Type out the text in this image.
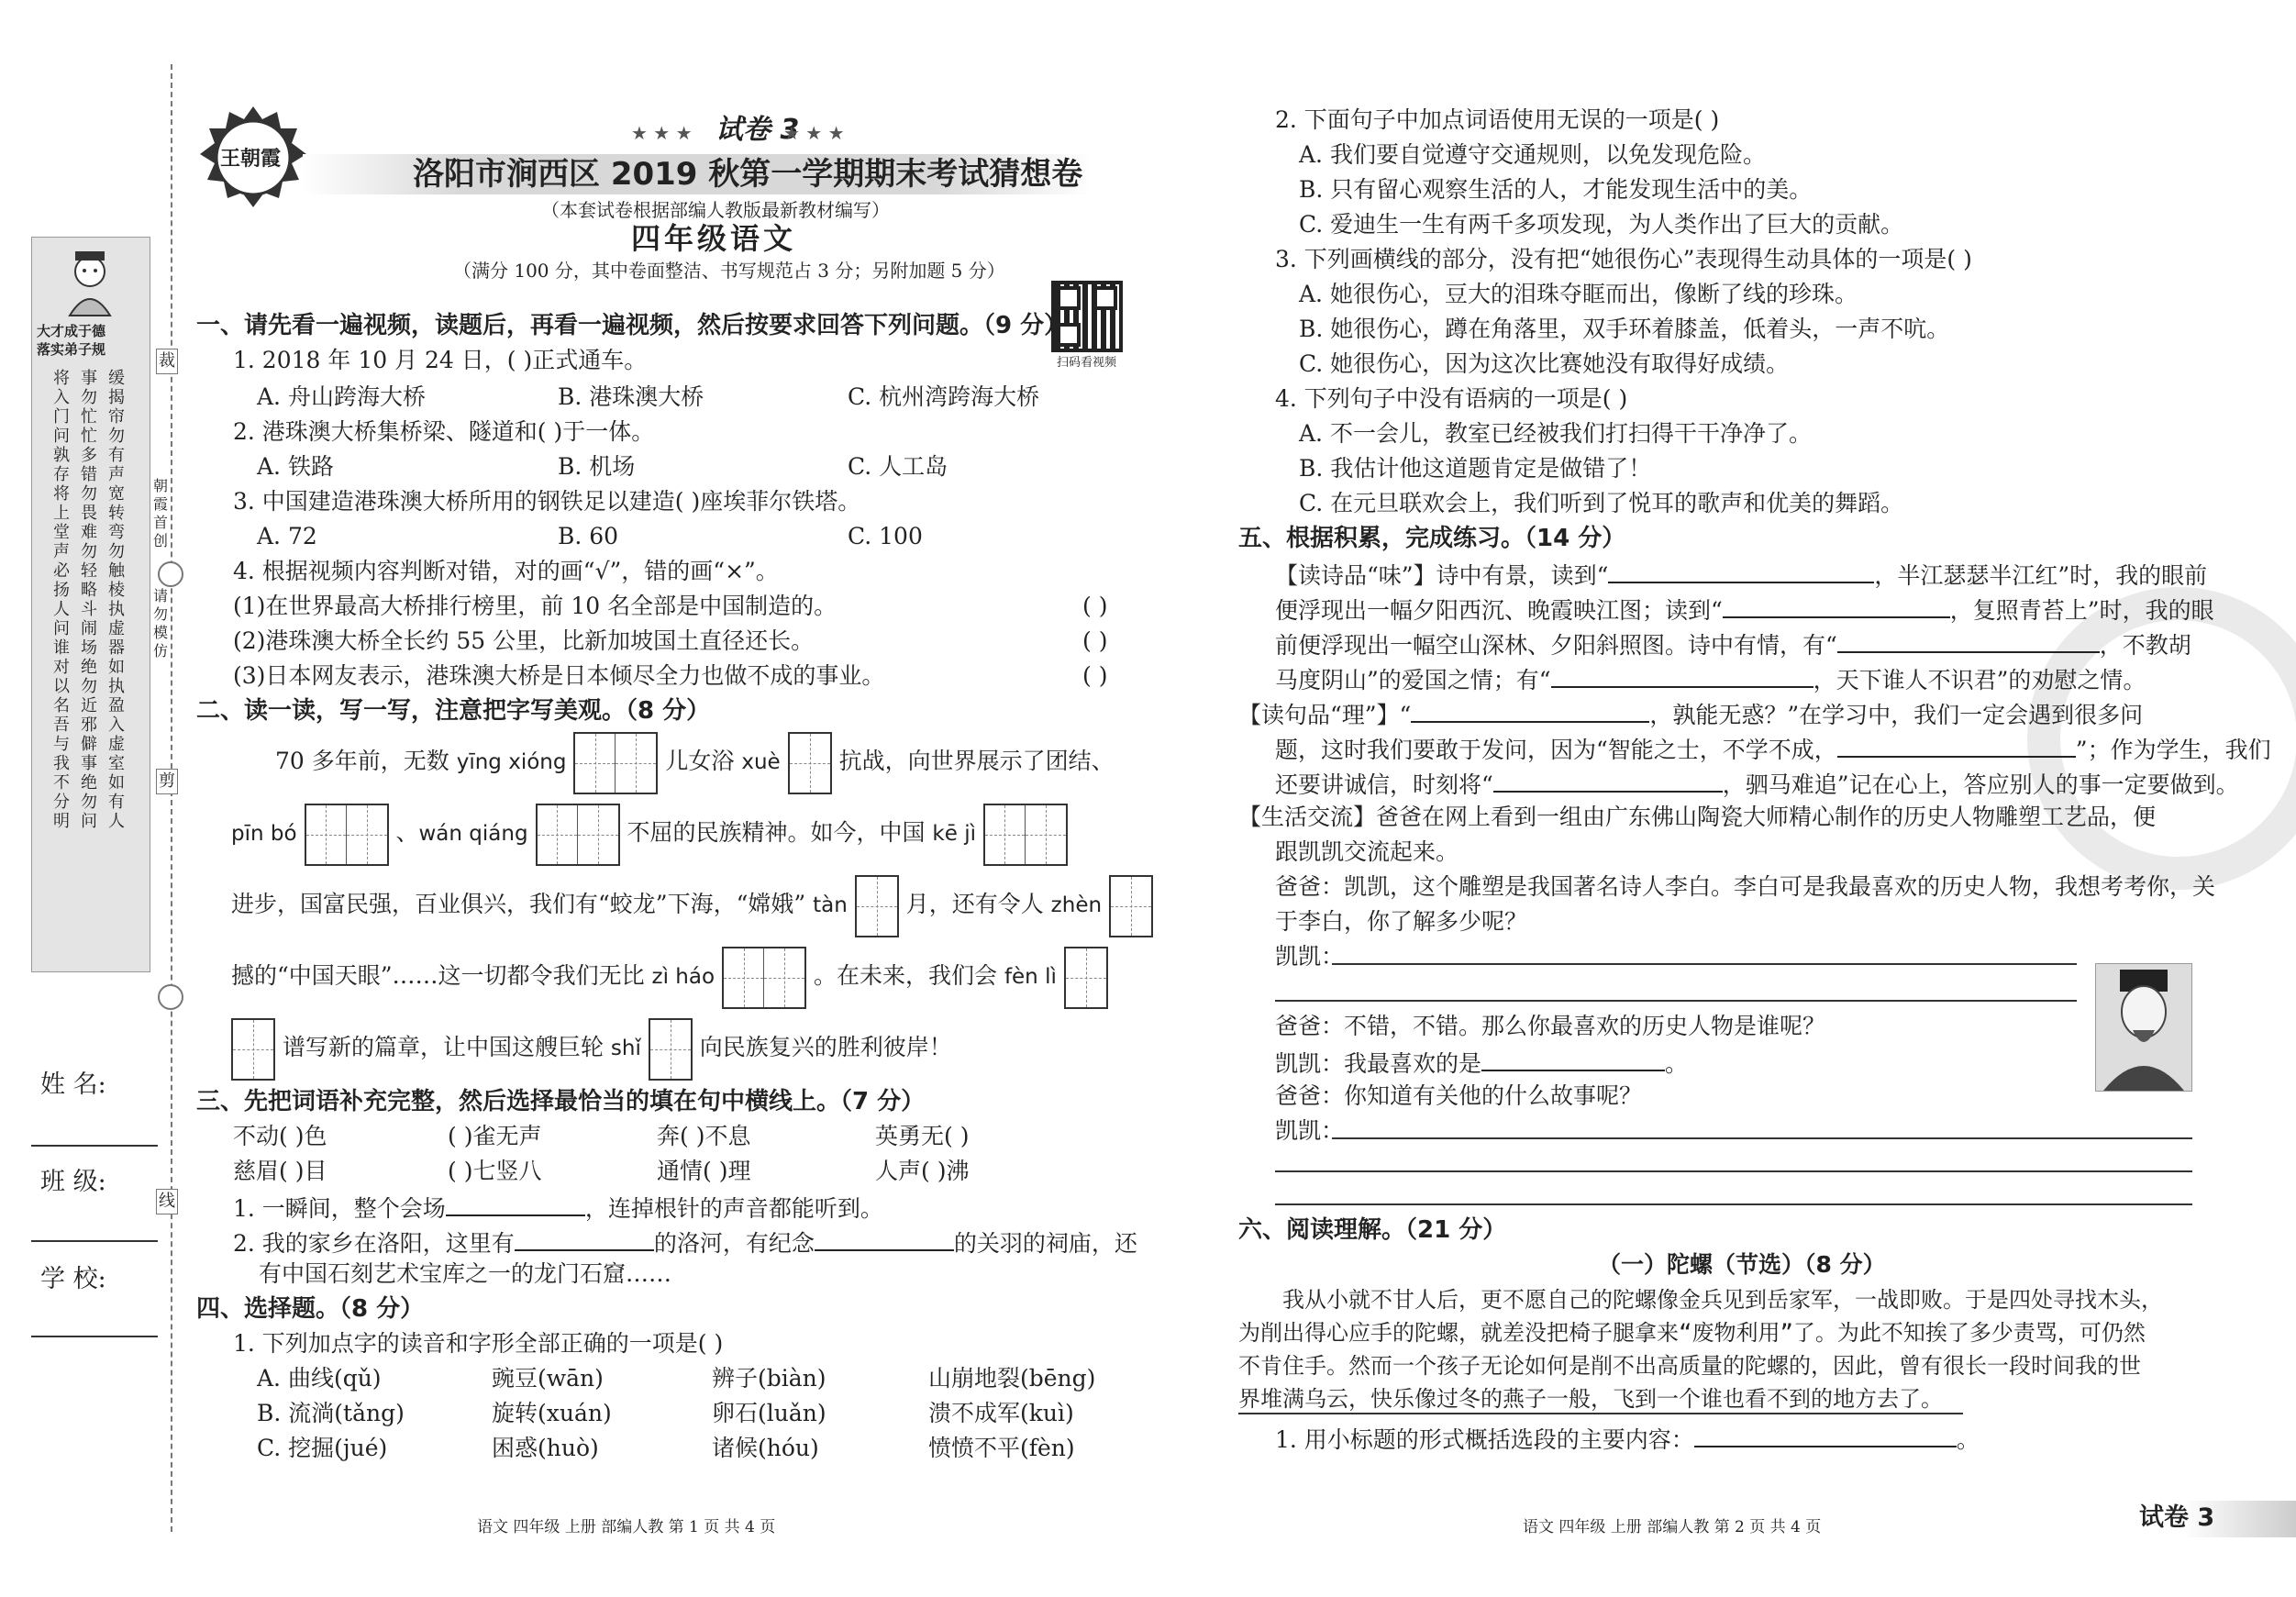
裁
剪
线
朝霞首创
请勿模仿
大才成于德
落实弟子规
将入门问孰存将上堂声必扬人问谁对以名吾与我不分明
事勿忙忙多错勿畏难勿轻略斗闹场绝勿近邪僻事绝勿问
缓揭帘勿有声宽转弯勿触棱执虚器如执盈入虚室如有人
姓 名:
班 级:
学 校:
王朝霞
试卷 3
★ ★ ★	★ ★ ★
洛阳市涧西区 2019 秋第一学期期末考试猜想卷
（本套试卷根据部编人教版最新教材编写）
四年级语文
（满分 100 分，其中卷面整洁、书写规范占 3 分；另附加题 5 分）
扫码看视频
一、请先看一遍视频，读题后，再看一遍视频，然后按要求回答下列问题。（9 分）
1. 2018 年 10 月 24 日，( )正式通车。
A. 舟山跨海大桥	B. 港珠澳大桥	C. 杭州湾跨海大桥
2. 港珠澳大桥集桥梁、隧道和( )于一体。
A. 铁路	B. 机场	C. 人工岛
3. 中国建造港珠澳大桥所用的钢铁足以建造( )座埃菲尔铁塔。
A. 72	B. 60	C. 100
4. 根据视频内容判断对错，对的画“√”，错的画“×”。
(1)在世界最高大桥排行榜里，前 10 名全部是中国制造的。	( )
(2)港珠澳大桥全长约 55 公里，比新加坡国土直径还长。	( )
(3)日本网友表示，港珠澳大桥是日本倾尽全力也做不成的事业。	( )
二、读一读，写一写，注意把字写美观。（8 分）
70 多年前，无数 yīng xióng	儿女浴 xuè	抗战，向世界展示了团结、
pīn bó	、wán qiáng	不屈的民族精神。如今，中国 kē jì
进步，国富民强，百业俱兴，我们有“蛟龙”下海，“嫦娥” tàn	月，还有令人 zhèn
撼的“中国天眼”……这一切都令我们无比 zì háo	。在未来，我们会 fèn lì
谱写新的篇章，让中国这艘巨轮 shǐ	向民族复兴的胜利彼岸！
三、先把词语补充完整，然后选择最恰当的填在句中横线上。（7 分）
不动( )色	( )雀无声	奔( )不息	英勇无( )
慈眉( )目	( )七竖八	通情( )理	人声( )沸
1. 一瞬间，整个会场	，连掉根针的声音都能听到。
2. 我的家乡在洛阳，这里有	的洛河，有纪念	的关羽的祠庙，还
有中国石刻艺术宝库之一的龙门石窟……
四、选择题。（8 分）
1. 下列加点字的读音和字形全部正确的一项是( )
A. 曲线(qǔ)	豌豆(wān)	辨子(biàn)	山崩地裂(bēng)
B. 流淌(tǎng)	旋转(xuán)	卵石(luǎn)	溃不成军(kuì)
C. 挖掘(jué)	困惑(huò)	诸候(hóu)	愤愤不平(fèn)
语文 四年级 上册 部编人教 第 1 页 共 4 页
2. 下面句子中加点词语使用无误的一项是( )
A. 我们要自觉遵守交通规则，以免发现危险。
B. 只有留心观察生活的人，才能发现生活中的美。
C. 爱迪生一生有两千多项发现，为人类作出了巨大的贡献。
3. 下列画横线的部分，没有把“她很伤心”表现得生动具体的一项是( )
A. 她很伤心，豆大的泪珠夺眶而出，像断了线的珍珠。
B. 她很伤心，蹲在角落里，双手环着膝盖，低着头，一声不吭。
C. 她很伤心，因为这次比赛她没有取得好成绩。
4. 下列句子中没有语病的一项是( )
A. 不一会儿，教室已经被我们打扫得干干净净了。
B. 我估计他这道题肯定是做错了！
C. 在元旦联欢会上，我们听到了悦耳的歌声和优美的舞蹈。
五、根据积累，完成练习。（14 分）
【读诗品“味”】诗中有景，读到“	，半江瑟瑟半江红”时，我的眼前
便浮现出一幅夕阳西沉、晚霞映江图；读到“	，复照青苔上”时，我的眼
前便浮现出一幅空山深林、夕阳斜照图。诗中有情，有“	，不教胡
马度阴山”的爱国之情；有“	，天下谁人不识君”的劝慰之情。
【读句品“理”】“	，孰能无惑？”在学习中，我们一定会遇到很多问
题，这时我们要敢于发问，因为“智能之士，不学不成，	”；作为学生，我们
还要讲诚信，时刻将“	，驷马难追”记在心上，答应别人的事一定要做到。
【生活交流】爸爸在网上看到一组由广东佛山陶瓷大师精心制作的历史人物雕塑工艺品，便
跟凯凯交流起来。
爸爸：凯凯，这个雕塑是我国著名诗人李白。李白可是我最喜欢的历史人物，我想考考你，关
于李白，你了解多少呢？
凯凯：
爸爸：不错，不错。那么你最喜欢的历史人物是谁呢？
凯凯：我最喜欢的是	。
爸爸：你知道有关他的什么故事呢？
凯凯：
六、阅读理解。（21 分）
（一）陀螺（节选）（8 分）
我从小就不甘人后，更不愿自己的陀螺像金兵见到岳家军，一战即败。于是四处寻找木头，
为削出得心应手的陀螺，就差没把椅子腿拿来“废物利用”了。为此不知挨了多少责骂，可仍然
不肯住手。然而一个孩子无论如何是削不出高质量的陀螺的，因此，曾有很长一段时间我的世
界堆满乌云，快乐像过冬的燕子一般，飞到一个谁也看不到的地方去了。
1. 用小标题的形式概括选段的主要内容：	。
语文 四年级 上册 部编人教 第 2 页 共 4 页	试卷 3
